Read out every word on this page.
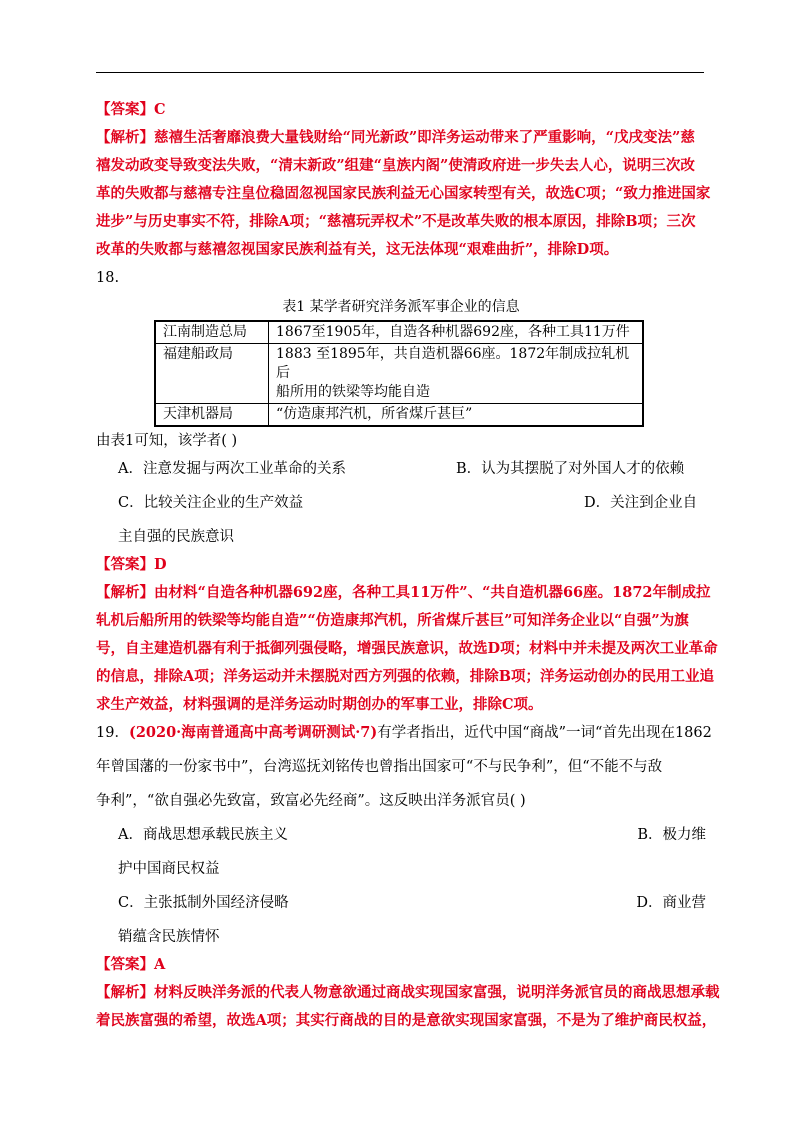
【答案】C
【解析】慈禧生活奢靡浪费大量钱财给“同光新政”即洋务运动带来了严重影响，“戊戌变法”慈
禧发动政变导致变法失败，“清末新政”组建“皇族内阁”使清政府进一步失去人心，说明三次改
革的失败都与慈禧专注皇位稳固忽视国家民族利益无心国家转型有关，故选C项；“致力推进国家
进步”与历史事实不符，排除A项；“慈禧玩弄权术”不是改革失败的根本原因，排除B项；三次
改革的失败都与慈禧忽视国家民族利益有关，这无法体现“艰难曲折”，排除D项。
18.
表1 某学者研究洋务派军事企业的信息
江南制造总局	1867至1905年，自造各种机器692座，各种工具11万件

福建船政局	1883 至1895年，共自造机器66座。1872年制成拉轧机后
船所用的铁梁等均能自造

天津机器局	“仿造康邦汽机，所省煤斤甚巨”
由表1可知，该学者( )
A．注意发掘与两次工业革命的关系	B．认为其摆脱了对外国人才的依赖
C．比较关注企业的生产效益	D．关注到企业自
主自强的民族意识
【答案】D
【解析】由材料“自造各种机器692座，各种工具11万件”、“共自造机器66座。1872年制成拉
轧机后船所用的铁梁等均能自造”“仿造康邦汽机，所省煤斤甚巨”可知洋务企业以“自强”为旗
号，自主建造机器有利于抵御列强侵略，增强民族意识，故选D项；材料中并未提及两次工业革命
的信息，排除A项；洋务运动并未摆脱对西方列强的依赖，排除B项；洋务运动创办的民用工业追
求生产效益，材料强调的是洋务运动时期创办的军事工业，排除C项。
19．(2020·海南普通高中高考调研测试·7)有学者指出，近代中国“商战”一词“首先出现在1862
年曾国藩的一份家书中”，台湾巡抚刘铭传也曾指出国家可“不与民争利”，但“不能不与敌
争利”，“欲自强必先致富，致富必先经商”。这反映出洋务派官员( )
A．商战思想承载民族主义	B．极力维
护中国商民权益
C．主张抵制外国经济侵略	D．商业营
销蕴含民族情怀
【答案】A
【解析】材料反映洋务派的代表人物意欲通过商战实现国家富强，说明洋务派官员的商战思想承载
着民族富强的希望，故选A项；其实行商战的目的是意欲实现国家富强，不是为了维护商民权益，
